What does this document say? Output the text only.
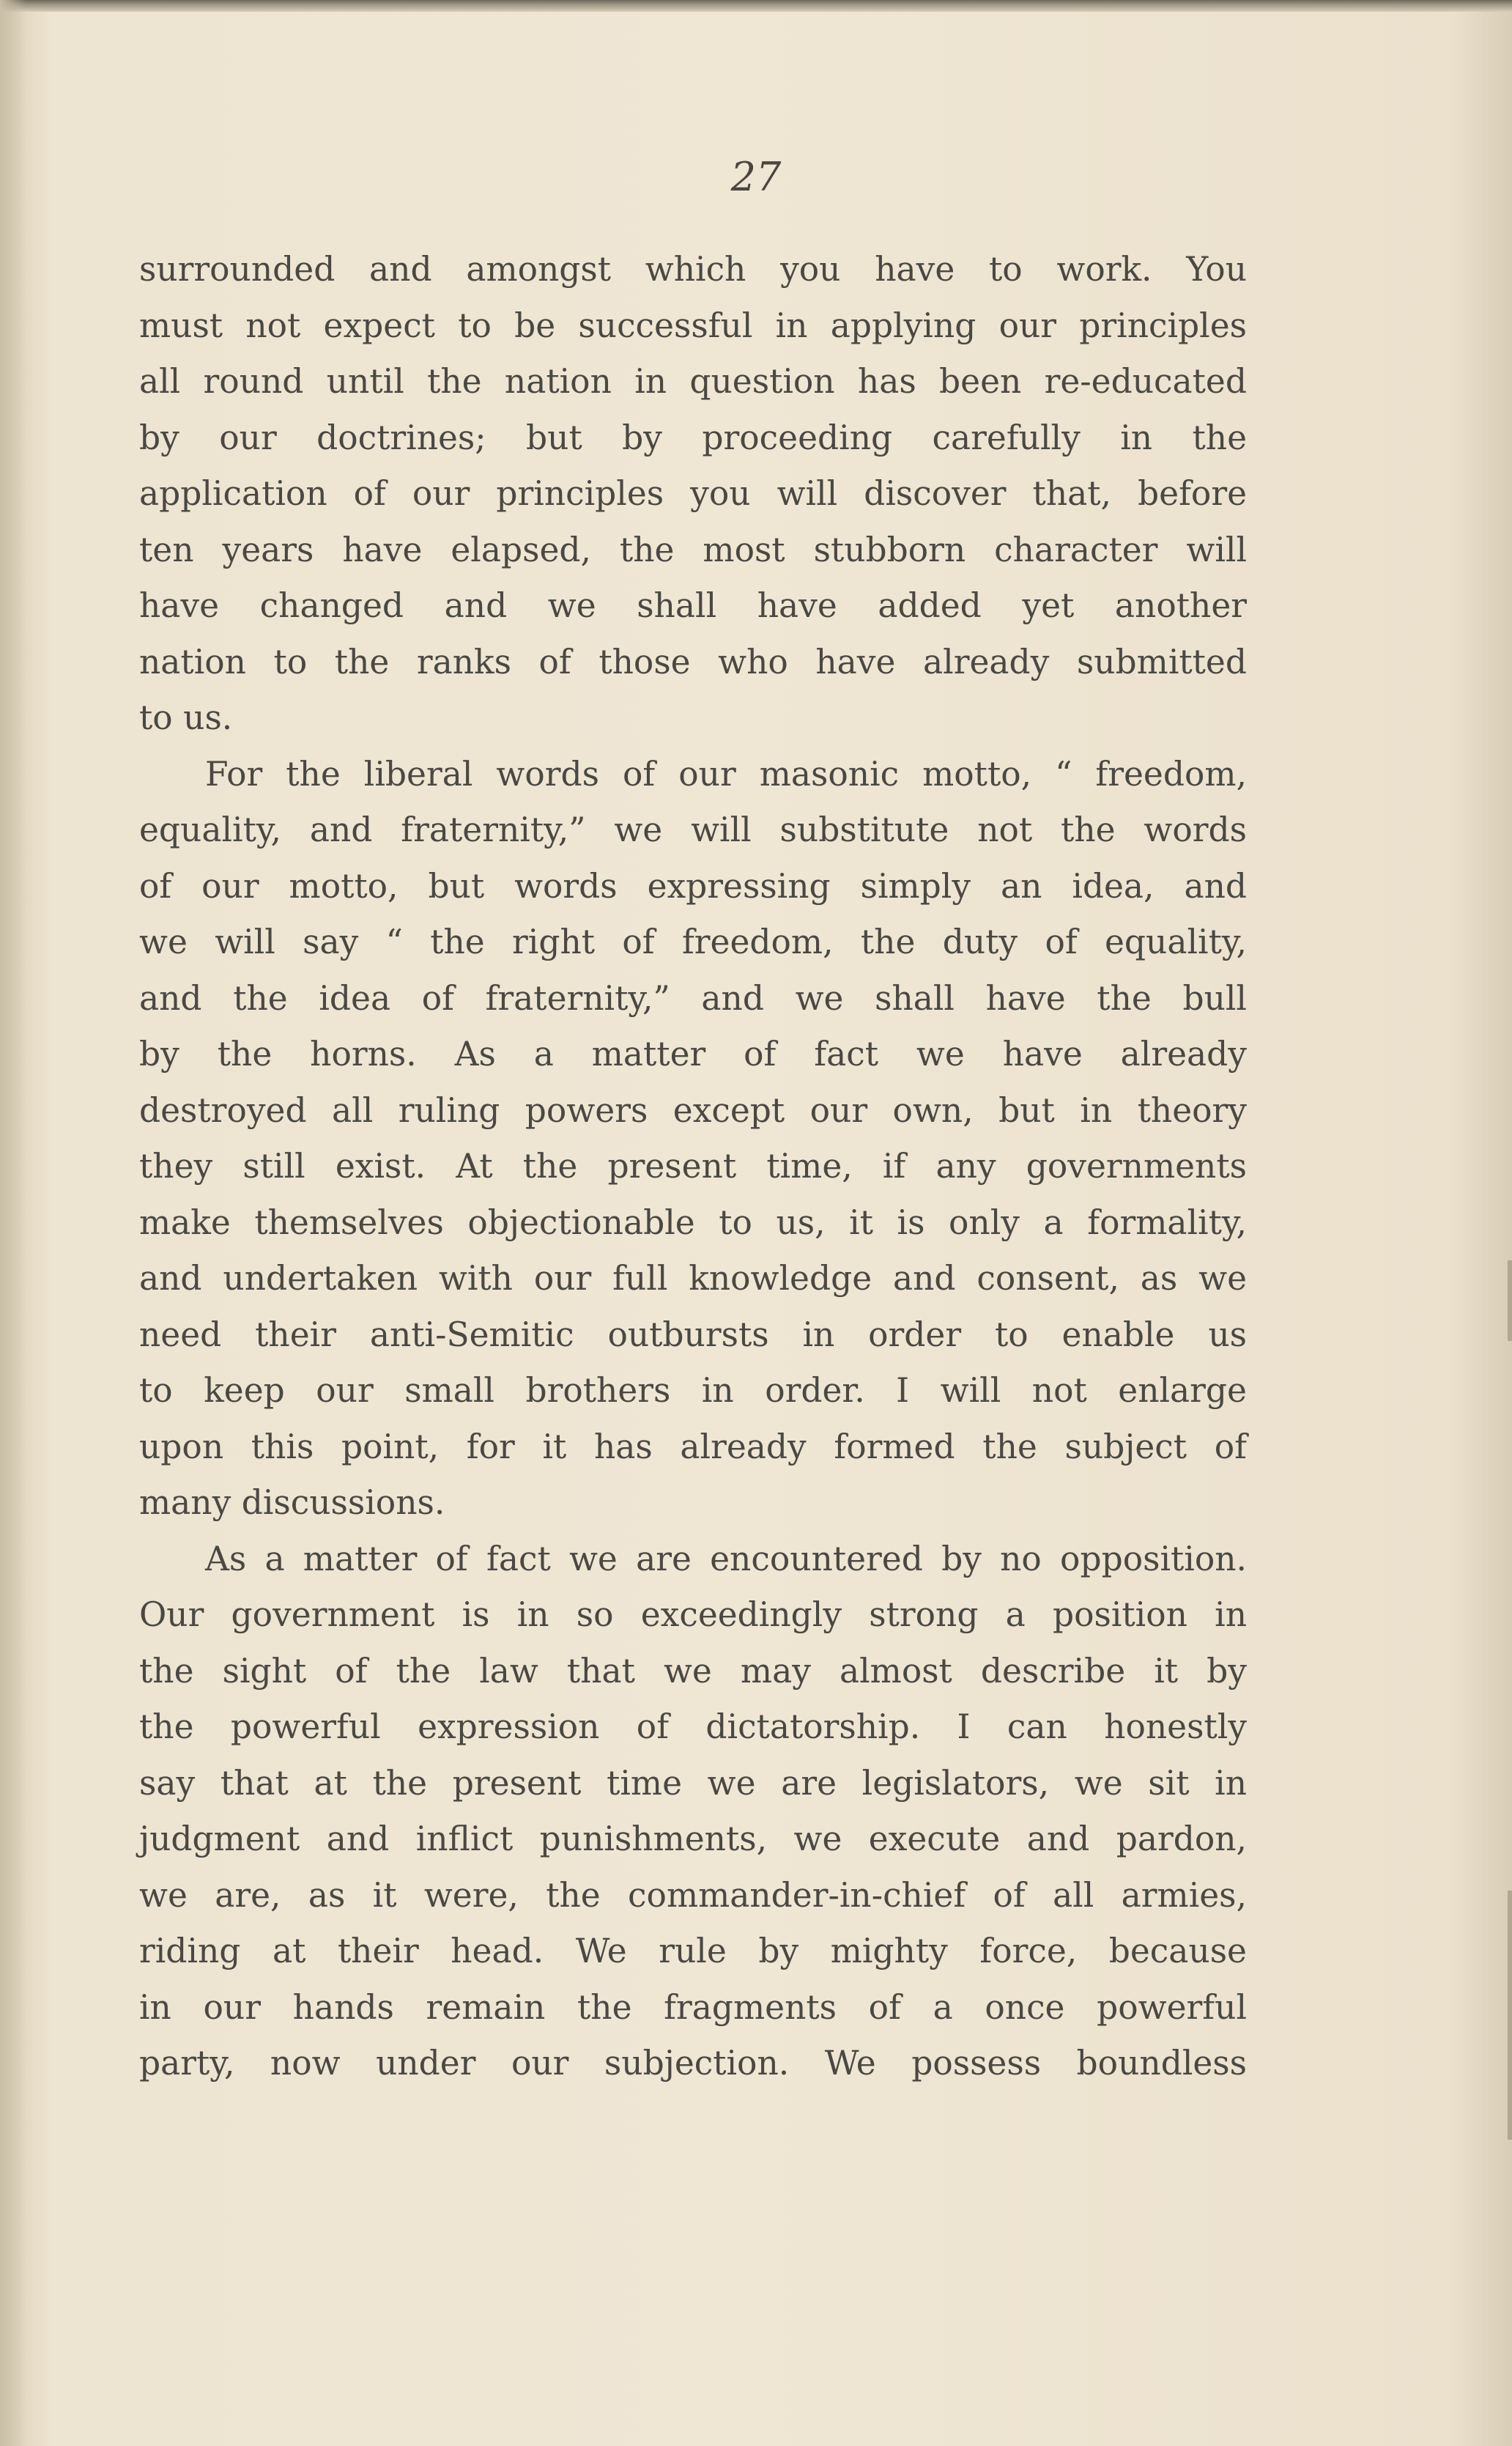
27

surrounded and amongst which you have to work. You
must not expect to be successful in applying our principles
all round until the nation in question has been re-educated
by our doctrines; but by proceeding carefully in the
application of our principles you will discover that, before
ten years have elapsed, the most stubborn character will
have changed and we shall have added yet another
nation to the ranks of those who have already submitted
to us.

For the liberal words of our masonic motto, “ freedom,
equality, and fraternity,” we will substitute not the words
of our motto, but words expressing simply an idea, and
we will say “ the right of freedom, the duty of equality,
and the idea of fraternity,” and we shall have the bull
by the horns. As a matter of fact we have already
destroyed all ruling powers except our own, but in theory
they still exist. At the present time, if any governments
make themselves objectionable to us, it is only a formality,
and undertaken with our full knowledge and consent, as we
need their anti-Semitic outbursts in order to enable us
to keep our small brothers in order. I will not enlarge
upon this point, for it has already formed the subject of
many discussions.

As a matter of fact we are encountered by no opposition.
Our government is in so exceedingly strong a position in
the sight of the law that we may almost describe it by
the powerful expression of dictatorship. I can honestly
say that at the present time we are legislators, we sit in
judgment and inflict punishments, we execute and pardon,
we are, as it were, the commander-in-chief of all armies,
riding at their head. We rule by mighty force, because
in our hands remain the fragments of a once powerful
party, now under our subjection. We possess boundless
